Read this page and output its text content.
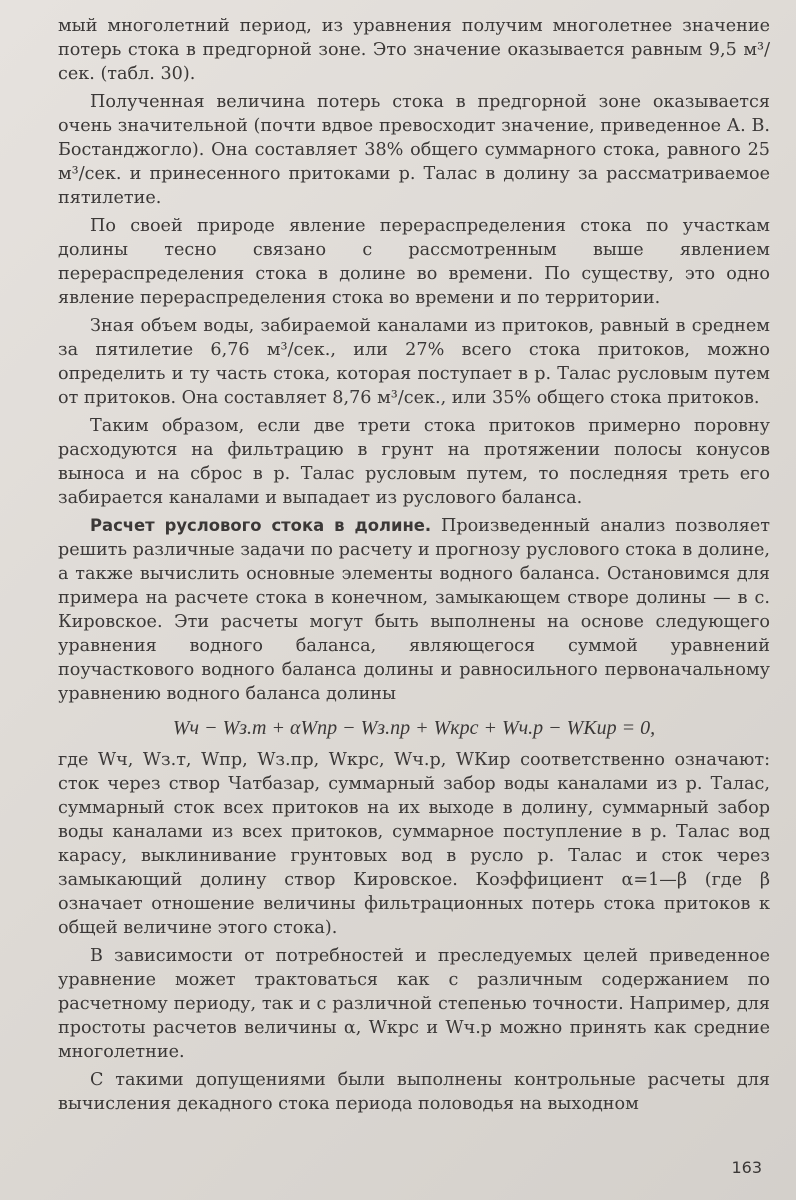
мый многолетний период, из уравнения получим многолетнее значение потерь стока в предгорной зоне. Это значение оказывается равным 9,5 м³/сек. (табл. 30).

Полученная величина потерь стока в предгорной зоне оказывается очень значительной (почти вдвое превосходит значение, приведенное А. В. Бостанджогло). Она составляет 38% общего суммарного стока, равного 25 м³/сек. и принесенного притоками р. Талас в долину за рассматриваемое пятилетие.

По своей природе явление перераспределения стока по участкам долины тесно связано с рассмотренным выше явлением перераспределения стока в долине во времени. По существу, это одно явление перераспределения стока во времени и по территории.

Зная объем воды, забираемой каналами из притоков, равный в среднем за пятилетие 6,76 м³/сек., или 27% всего стока притоков, можно определить и ту часть стока, которая поступает в р. Талас русловым путем от притоков. Она составляет 8,76 м³/сек., или 35% общего стока притоков.

Таким образом, если две трети стока притоков примерно поровну расходуются на фильтрацию в грунт на протяжении полосы конусов выноса и на сброс в р. Талас русловым путем, то последняя треть его забирается каналами и выпадает из руслового баланса.

Расчет руслового стока в долине. Произведенный анализ позволяет решить различные задачи по расчету и прогнозу руслового стока в долине, а также вычислить основные элементы водного баланса. Остановимся для примера на расчете стока в конечном, замыкающем створе долины — в с. Кировское. Эти расчеты могут быть выполнены на основе следующего уравнения водного баланса, являющегося суммой уравнений поучасткового водного баланса долины и равносильного первоначальному уравнению водного баланса долины

Wч − Wз.т + αWпр − Wз.пр + Wкрс + Wч.р − WКир = 0,

где Wч, Wз.т, Wпр, Wз.пр, Wкрс, Wч.р, WКир соответственно означают: сток через створ Чатбазар, суммарный забор воды каналами из р. Талас, суммарный сток всех притоков на их выходе в долину, суммарный забор воды каналами из всех притоков, суммарное поступление в р. Талас вод карасу, выклинивание грунтовых вод в русло р. Талас и сток через замыкающий долину створ Кировское. Коэффициент α=1—β (где β означает отношение величины фильтрационных потерь стока притоков к общей величине этого стока).

В зависимости от потребностей и преследуемых целей приведенное уравнение может трактоваться как с различным содержанием по расчетному периоду, так и с различной степенью точности. Например, для простоты расчетов величины α, Wкрс и Wч.р можно принять как средние многолетние.

С такими допущениями были выполнены контрольные расчеты для вычисления декадного стока периода половодья на выходном

163
